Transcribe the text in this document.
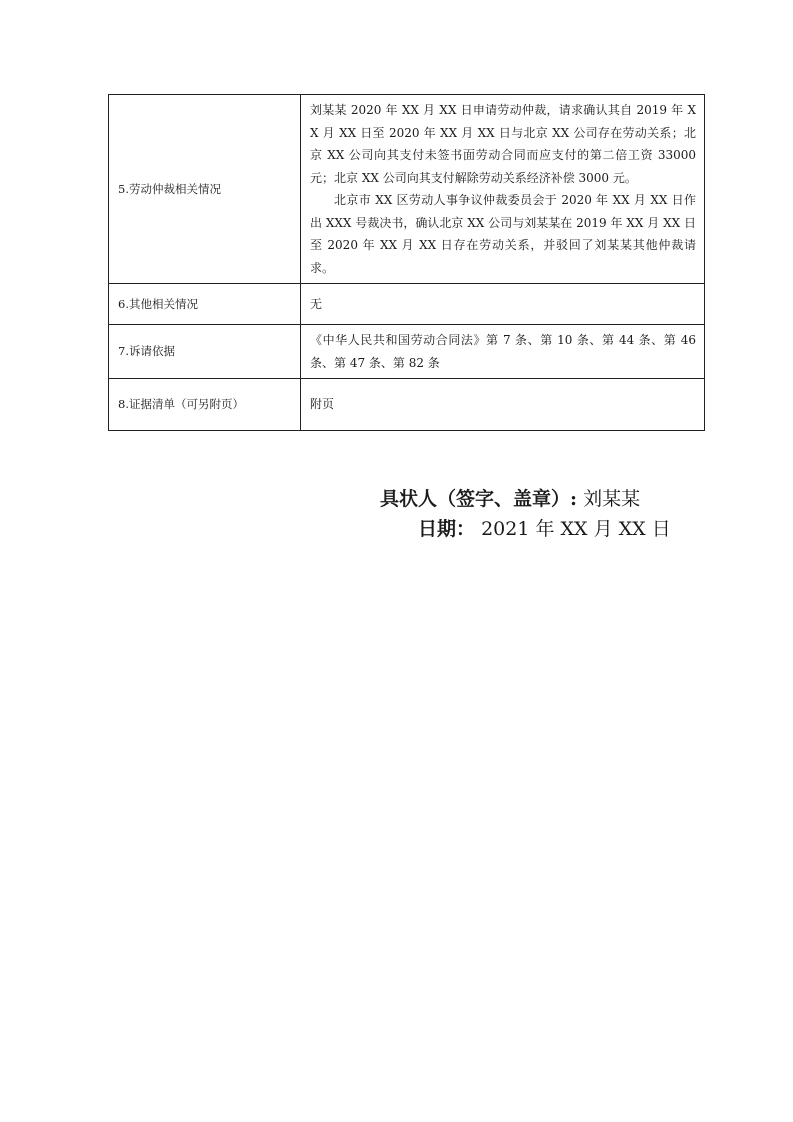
5.劳动仲裁相关情况	刘某某 2020 年 XX 月 XX 日申请劳动仲裁，请求确认其自 2019 年 XX 月 XX 日至 2020 年 XX 月 XX 日与北京 XX 公司存在劳动关系；北京 XX 公司向其支付未签书面劳动合同而应支付的第二倍工资 33000 元；北京 XX 公司向其支付解除劳动关系经济补偿 3000 元。

北京市 XX 区劳动人事争议仲裁委员会于 2020 年 XX 月 XX 日作出 XXX 号裁决书，确认北京 XX 公司与刘某某在 2019 年 XX 月 XX 日至 2020 年 XX 月 XX 日存在劳动关系，并驳回了刘某某其他仲裁请求。

6.其他相关情况	无
7.诉请依据	《中华人民共和国劳动合同法》第 7 条、第 10 条、第 44 条、第 46 条、第 47 条、第 82 条
8.证据清单（可另附页）	附页
具状人（签字、盖章）: 刘某某
日期： 2021 年 XX 月 XX 日
